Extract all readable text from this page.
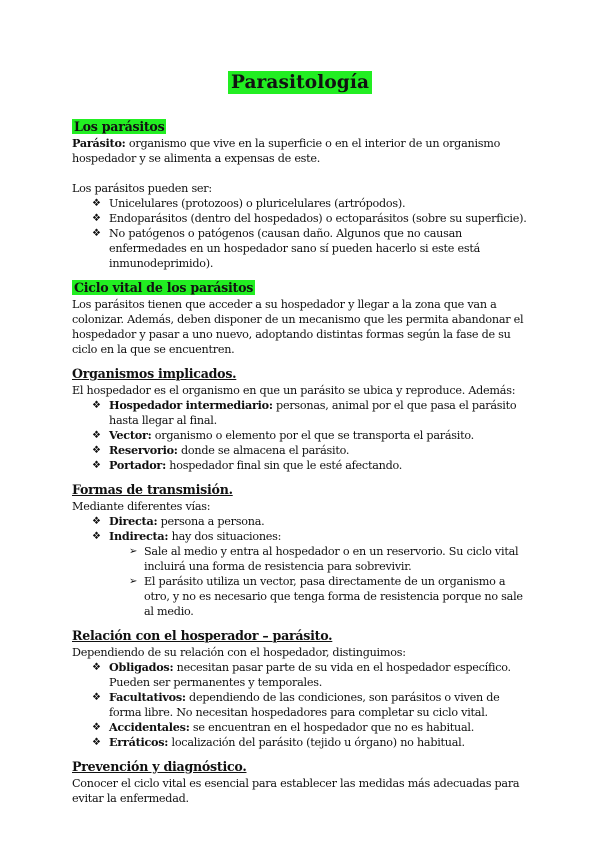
Parasitología
Los parásitos

Parásito: organismo que vive en la superficie o en el interior de un organismo hospedador y se alimenta a expensas de este.

Los parásitos pueden ser:

❖ Unicelulares (protozoos) o pluricelulares (artrópodos).
❖ Endoparásitos (dentro del hospedados) o ectoparásitos (sobre su superficie).
❖ No patógenos o patógenos (causan daño. Algunos que no causan enfermedades en un hospedador sano sí pueden hacerlo si este está inmunodeprimido).
Ciclo vital de los parásitos

Los parásitos tienen que acceder a su hospedador y llegar a la zona que van a colonizar. Además, deben disponer de un mecanismo que les permita abandonar el hospedador y pasar a uno nuevo, adoptando distintas formas según la fase de su ciclo en la que se encuentren.

Organismos implicados.

El hospedador es el organismo en que un parásito se ubica y reproduce. Además:

❖ Hospedador intermediario: personas, animal por el que pasa el parásito hasta llegar al final.
❖ Vector: organismo o elemento por el que se transporta el parásito.
❖ Reservorio: donde se almacena el parásito.
❖ Portador: hospedador final sin que le esté afectando.
Formas de transmisión.

Mediante diferentes vías:

❖ Directa: persona a persona.
❖ Indirecta: hay dos situaciones:
➢ Sale al medio y entra al hospedador o en un reservorio. Su ciclo vital incluirá una forma de resistencia para sobrevivir.
➢ El parásito utiliza un vector, pasa directamente de un organismo a otro, y no es necesario que tenga forma de resistencia porque no sale al medio.
Relación con el hosperador – parásito.

Dependiendo de su relación con el hospedador, distinguimos:

❖ Obligados: necesitan pasar parte de su vida en el hospedador específico. Pueden ser permanentes y temporales.
❖ Facultativos: dependiendo de las condiciones, son parásitos o viven de forma libre. No necesitan hospedadores para completar su ciclo vital.
❖ Accidentales: se encuentran en el hospedador que no es habitual.
❖ Erráticos: localización del parásito (tejido u órgano) no habitual.
Prevención y diagnóstico.

Conocer el ciclo vital es esencial para establecer las medidas más adecuadas para evitar la enfermedad.
